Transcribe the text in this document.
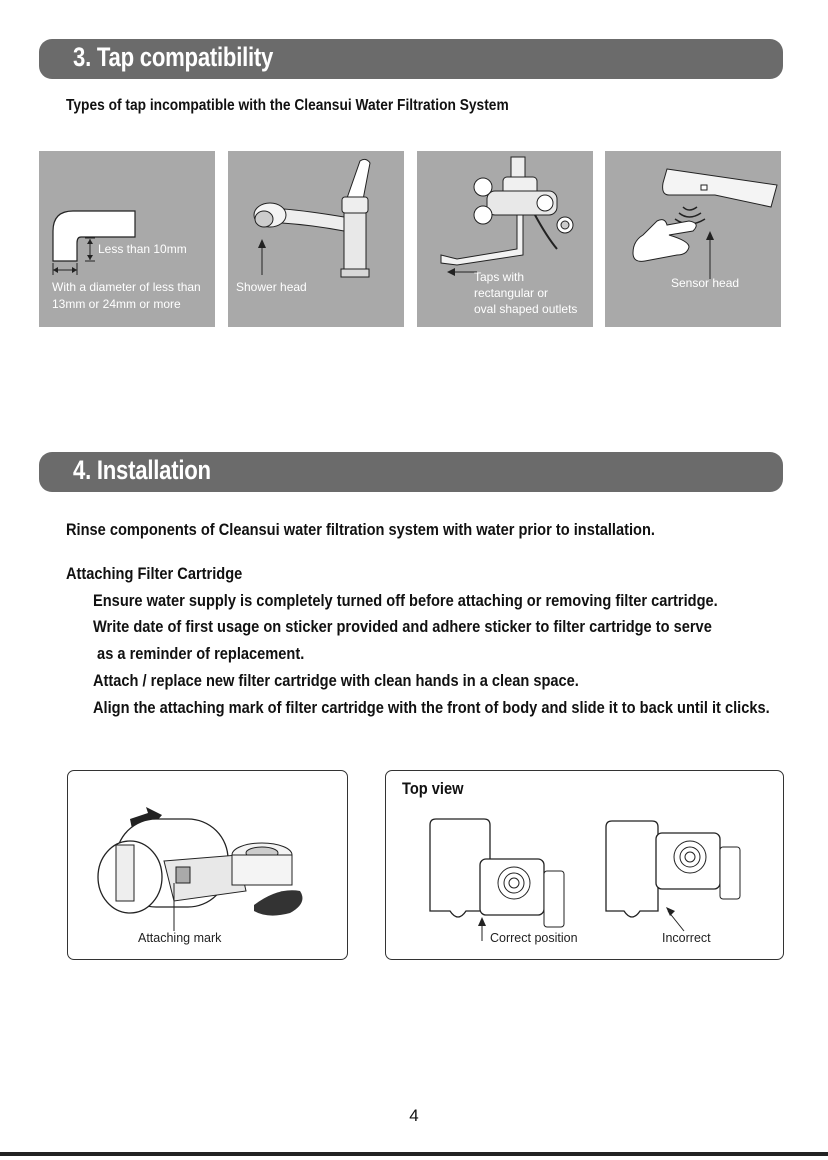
3. Tap compatibility
Types of tap incompatible with the Cleansui Water Filtration System
Less than 10mm
With a diameter of less than
13mm or 24mm or more
Shower head
Taps with
rectangular or
oval shaped outlets
Sensor head
4. Installation
Rinse components of Cleansui water filtration system with water prior to installation.
Attaching Filter Cartridge
Ensure water supply is completely turned off before attaching or removing filter cartridge.
Write date of first usage on sticker provided and adhere sticker to filter cartridge to serve
as a reminder of replacement.
Attach / replace new filter cartridge with clean hands in a clean space.
Align the attaching mark of filter cartridge with the front of body and slide it to back until it clicks.
Attaching mark
Top view
Correct position	Incorrect
4
